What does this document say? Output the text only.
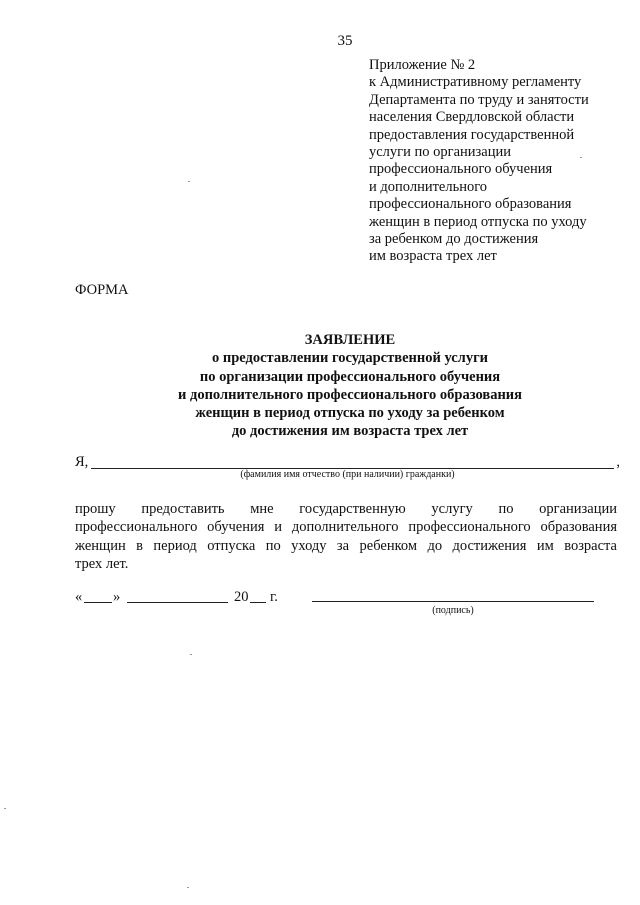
35
Приложение № 2
к Административному регламенту
Департамента по труду и занятости
населения Свердловской области
предоставления государственной
услуги по организации
профессионального обучения
и дополнительного
профессионального образования
женщин в период отпуска по уходу
за ребенком до достижения
им возраста трех лет
ФОРМА
ЗАЯВЛЕНИЕ
о предоставлении государственной услуги
по организации профессионального обучения
и дополнительного профессионального образования
женщин в период отпуска по уходу за ребенком
до достижения им возраста трех лет
Я,	,
(фамилия имя отчество (при наличии) гражданки)
прошу предоставить мне государственную услугу по организации
профессионального обучения и дополнительного профессионального образования
женщин в период отпуска по уходу за ребенком до достижения им возраста
трех лет.
« »	20 г.
(подпись)
